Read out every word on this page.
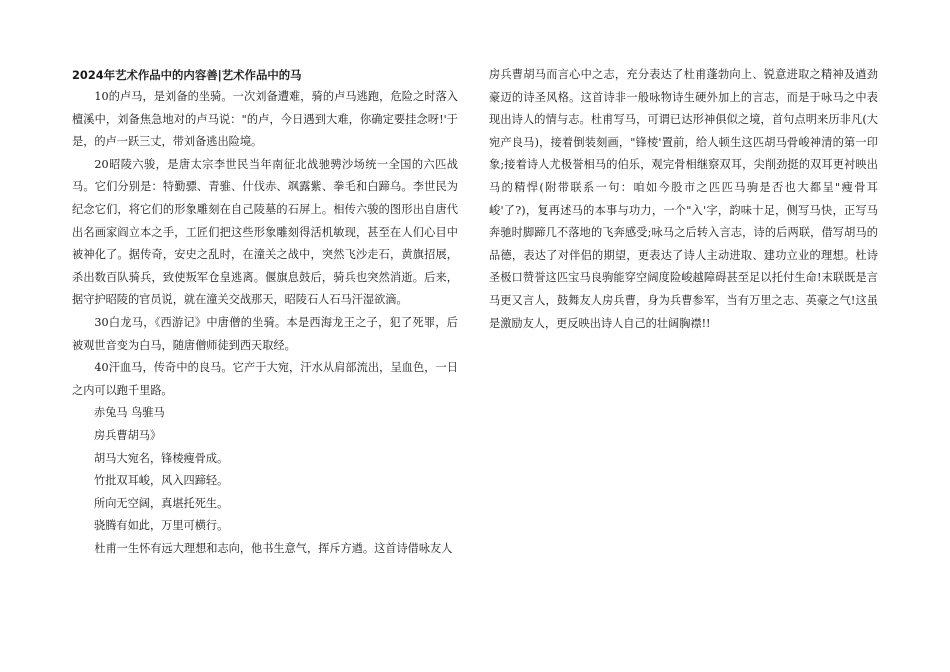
2024年艺术作品中的内容善|艺术作品中的马

10的卢马，是刘备的坐骑。一次刘备遭难，骑的卢马逃跑，危险之时落入檀溪中，刘备焦急地对的卢马说："的卢，今日遇到大难，你确定要挂念呀!'于是，的卢一跃三丈，带刘备逃出险境。

20昭陵六骏，是唐太宗李世民当年南征北战驰骋沙场统一全国的六匹战马。它们分别是：特勤骠、青骓、什伐赤、飒露紫、拳毛和白蹄乌。李世民为纪念它们，将它们的形象雕刻在自己陵墓的石屏上。相传六骏的图形出自唐代出名画家阎立本之手，工匠们把这些形象雕刻得活机敏现，甚至在人们心目中被神化了。据传奇，安史之乱时，在潼关之战中，突然飞沙走石，黄旗招展，杀出数百队骑兵，致使叛军仓皇逃离。偃旗息鼓后，骑兵也突然消逝。后来，据守护昭陵的官员说，就在潼关交战那天，昭陵石人石马汗湿欲滴。

30白龙马，《西游记》中唐僧的坐骑。本是西海龙王之子，犯了死罪，后被观世音变为白马，随唐僧师徒到西天取经。

40汗血马，传奇中的良马。它产于大宛，汗水从肩部流出，呈血色，一日之内可以跑千里路。

赤兔马 鸟骓马

房兵曹胡马》

胡马大宛名，锋棱瘦骨成。

竹批双耳峻，风入四蹄轻。

所向无空阔，真堪托死生。

骁腾有如此，万里可横行。

杜甫一生怀有远大理想和志向，他书生意气，挥斥方遒。这首诗借咏友人

房兵曹胡马而言心中之志，充分表达了杜甫蓬勃向上、锐意进取之精神及遒劲豪迈的诗圣风格。这首诗非一般咏物诗生硬外加上的言志，而是于咏马之中表现出诗人的情与志。杜甫写马，可谓已达形神俱似之境，首句点明来历非凡(大宛产良马)，接着倒装刻画，"锋棱'置前，给人顿生这匹胡马骨峻神清的第一印象;接着诗人尤极誉相马的伯乐，观完骨相继察双耳，尖削劲挺的双耳更衬映出马的精悍(附带联系一句：咱如今股市之匹匹马驹是否也大都呈"瘦骨耳峻'了?)，复再述马的本事与功力，一个"入'字，韵味十足，侧写马快，正写马奔驰时脚蹄几不落地的飞奔感受;咏马之后转入言志，诗的后两联，借写胡马的品德，表达了对伴侣的期望，更表达了诗人主动进取、建功立业的理想。杜诗圣极口赞誉这匹宝马良驹能穿空阔度险峻越障碍甚至足以托付生命!末联既是言马更又言人，鼓舞友人房兵曹，身为兵曹参军，当有万里之志、英豪之气!这虽是激励友人，更反映出诗人自己的壮阔胸襟!!
